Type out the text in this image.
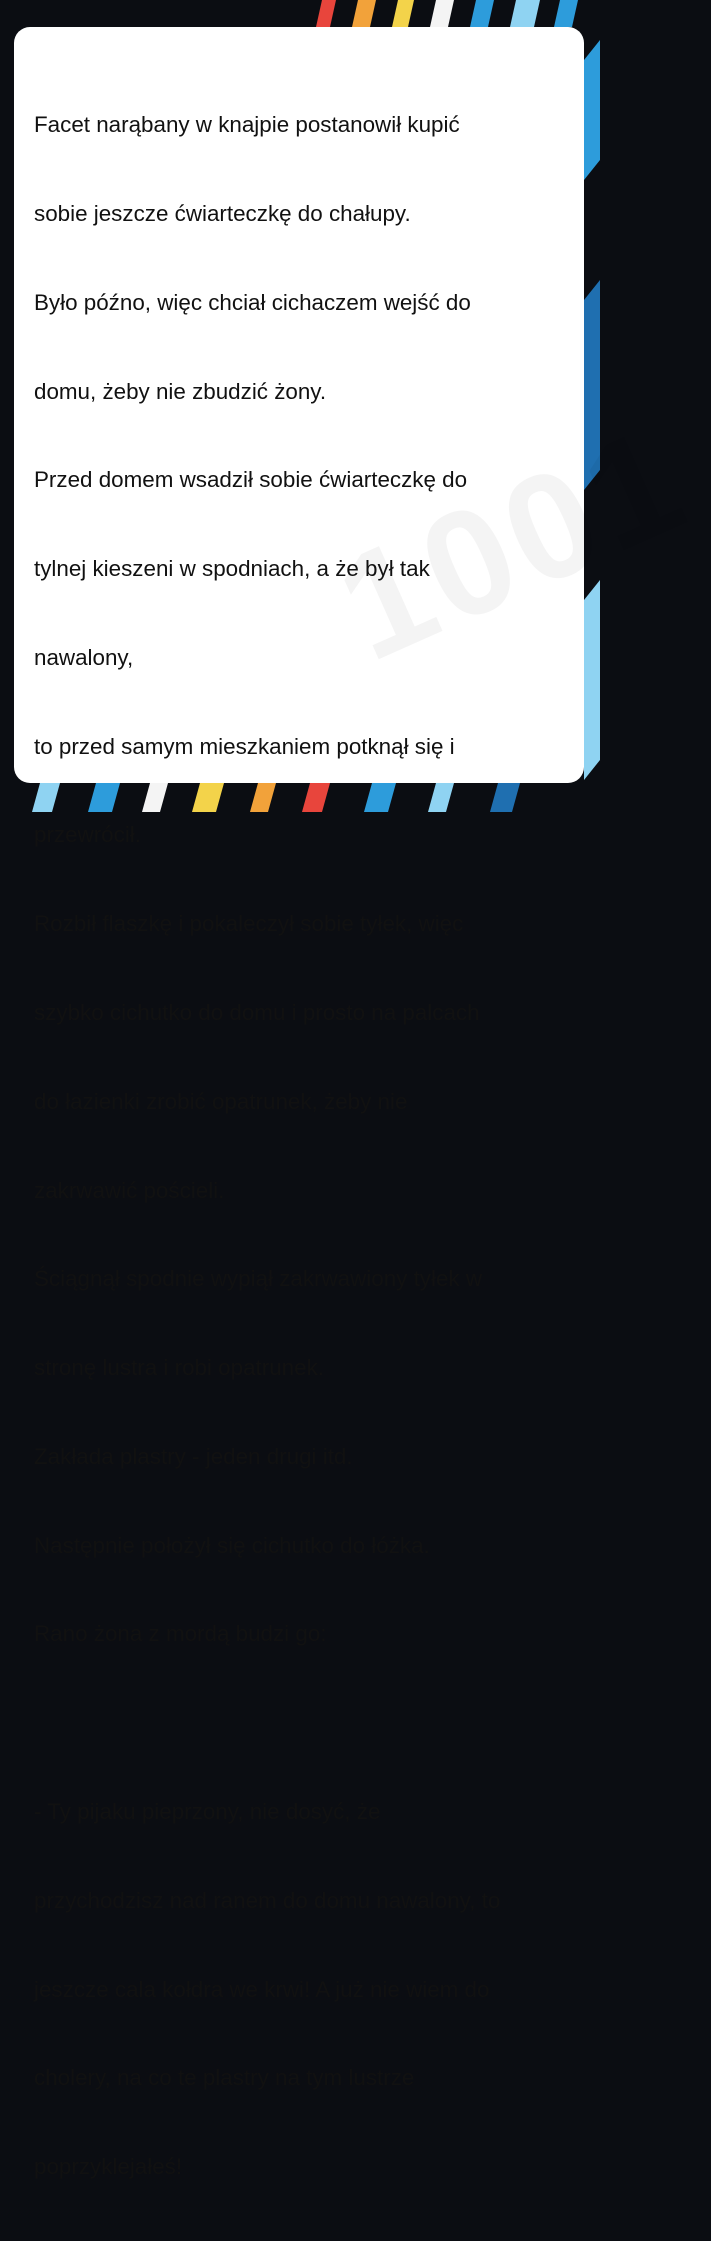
Facet narąbany w knajpie postanowił kupić

sobie jeszcze ćwiarteczkę do chałupy.

Było późno, więc chciał cichaczem wejść do

domu, żeby nie zbudzić żony.

Przed domem wsadził sobie ćwiarteczkę do

tylnej kieszeni w spodniach, a że był tak

nawalony,

to przed samym mieszkaniem potknął się i

przewrócił.

Rozbił flaszkę i pokaleczył sobie tyłek, więc

szybko cichutko do domu i prosto na palcach

do łazienki zrobić opatrunek, żeby nie

zakrwawić pościeli.

Ściągnął spodnie wypiął zakrwawiony tyłek w

stronę lustra i robi opatrunek.

Zakłada plastry - jeden drugi itd.

Następnie położył się cichutko do łóżka.

Rano żona z mordą budzi go:

- Ty pijaku pieprzony, nie dosyć, że

przychodzisz nad ranem do domu nawalony, to

jeszcze cala kołdra we krwi! A już nie wiem do

cholery, na co te plastry na tym lustrze

poprzyklejałeś!
